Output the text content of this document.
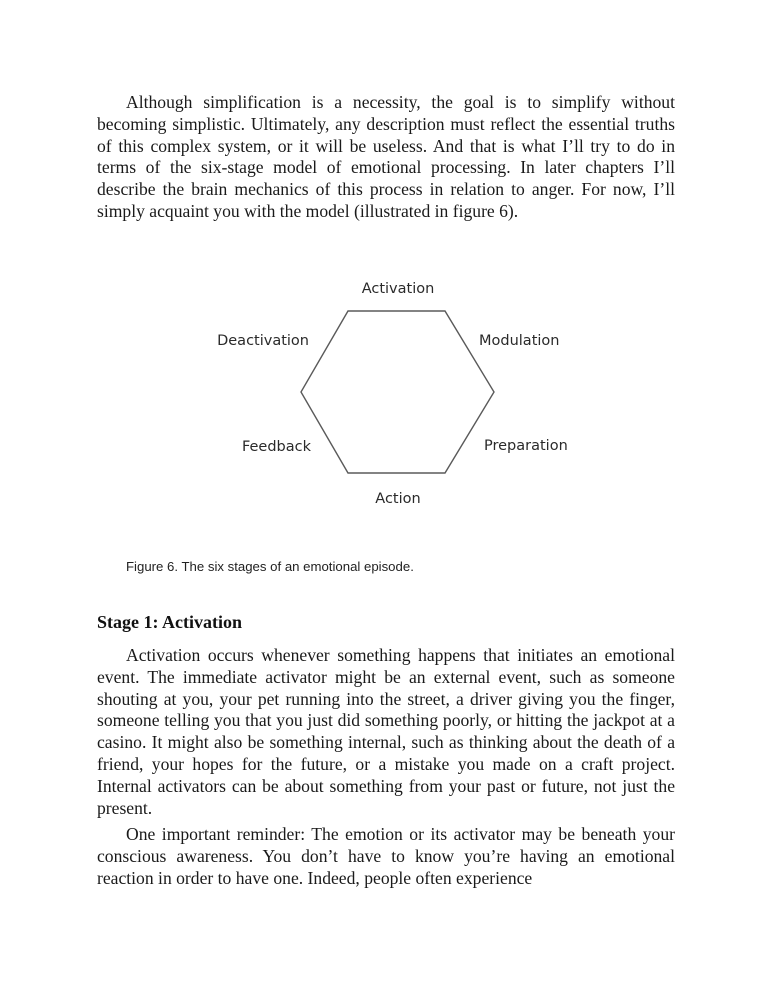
Although simplification is a necessity, the goal is to simplify without becoming simplistic. Ultimately, any description must reflect the essential truths of this complex system, or it will be useless. And that is what I’ll try to do in terms of the six-stage model of emotional processing. In later chapters I’ll describe the brain mechanics of this process in relation to anger. For now, I’ll simply acquaint you with the model (illustrated in figure 6).

Activation
Modulation
Preparation
Action
Feedback
Deactivation

Figure 6. The six stages of an emotional episode.

Stage 1: Activation

Activation occurs whenever something happens that initiates an emotional event. The immediate activator might be an external event, such as someone shouting at you, your pet running into the street, a driver giving you the finger, someone telling you that you just did something poorly, or hitting the jackpot at a casino. It might also be something internal, such as thinking about the death of a friend, your hopes for the future, or a mistake you made on a craft project. Internal activators can be about something from your past or future, not just the present.

One important reminder: The emotion or its activator may be beneath your conscious awareness. You don’t have to know you’re having an emotional reaction in order to have one. Indeed, people often experience
